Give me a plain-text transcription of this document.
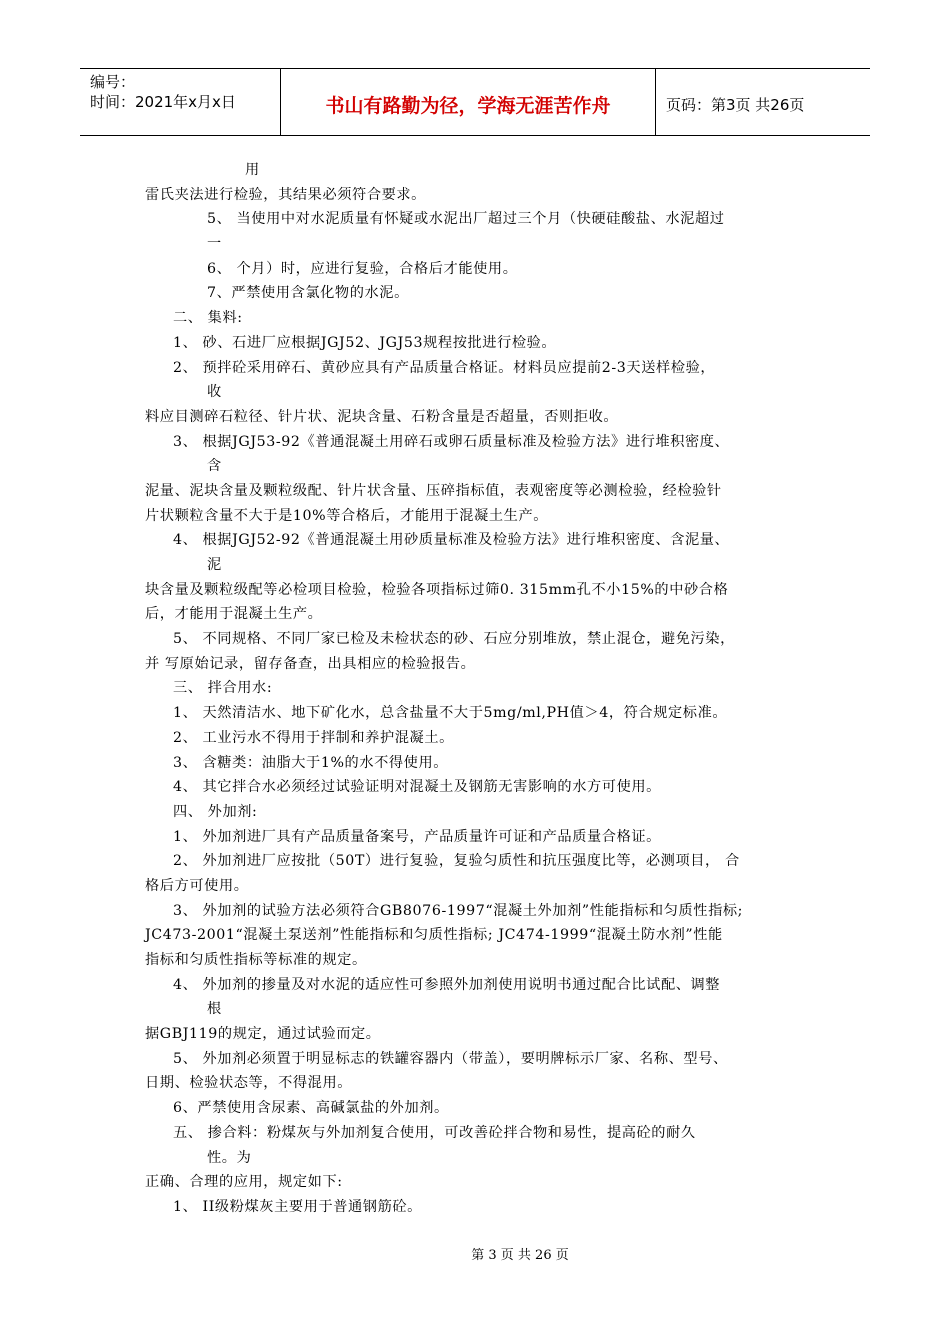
编号：
时间：2021年x月x日	书山有路勤为径，学海无涯苦作舟	页码：第3页 共26页
用
雷氏夹法进行检验，其结果必须符合要求。
5、 当使用中对水泥质量有怀疑或水泥出厂超过三个月（快硬硅酸盐、水泥超过
一
6、 个月）时，应进行复验，合格后才能使用。
7、严禁使用含氯化物的水泥。
二、 集料:
1、 砂、石进厂应根据JGJ52、JGJ53规程按批进行检验。
2、 预拌砼采用碎石、黄砂应具有产品质量合格证。材料员应提前2-3天送样检验，
收
料应目测碎石粒径、针片状、泥块含量、石粉含量是否超量，否则拒收。
3、 根据JGJ53-92《普通混凝土用碎石或卵石质量标准及检验方法》进行堆积密度、
含
泥量、泥块含量及颗粒级配、针片状含量、压碎指标值，表观密度等必测检验，经检验针
片状颗粒含量不大于是10%等合格后，才能用于混凝土生产。
4、 根据JGJ52-92《普通混凝土用砂质量标准及检验方法》进行堆积密度、含泥量、
泥
块含量及颗粒级配等必检项目检验，检验各项指标过筛0. 315mm孔不小15%的中砂合格
后，才能用于混凝土生产。
5、 不同规格、不同厂家已检及未检状态的砂、石应分别堆放，禁止混仓，避免污染，
并 写原始记录，留存备查，出具相应的检验报告。
三、 拌合用水:
1、 天然清洁水、地下矿化水，总含盐量不大于5mg/ml,PH值＞4，符合规定标准。
2、 工业污水不得用于拌制和养护混凝土。
3、 含糖类：油脂大于1%的水不得使用。
4、 其它拌合水必须经过试验证明对混凝土及钢筋无害影响的水方可使用。
四、 外加剂:
1、 外加剂进厂具有产品质量备案号，产品质量许可证和产品质量合格证。
2、 外加剂进厂应按批（50T）进行复验，复验匀质性和抗压强度比等，必测项目， 合
格后方可使用。
3、 外加剂的试验方法必须符合GB8076-1997“混凝土外加剂”性能指标和匀质性指标;
JC473-2001“混凝土泵送剂”性能指标和匀质性指标; JC474-1999“混凝土防水剂”性能
指标和匀质性指标等标准的规定。
4、 外加剂的掺量及对水泥的适应性可参照外加剂使用说明书通过配合比试配、调整
根
据GBJ119的规定，通过试验而定。
5、 外加剂必须置于明显标志的铁罐容器内（带盖），要明牌标示厂家、名称、型号、
日期、检验状态等，不得混用。
6、严禁使用含尿素、高碱氯盐的外加剂。
五、 掺合料：粉煤灰与外加剂复合使用，可改善砼拌合物和易性，提高砼的耐久
性。为
正确、合理的应用，规定如下:
1、 II级粉煤灰主要用于普通钢筋砼。
第 3 页 共 26 页
